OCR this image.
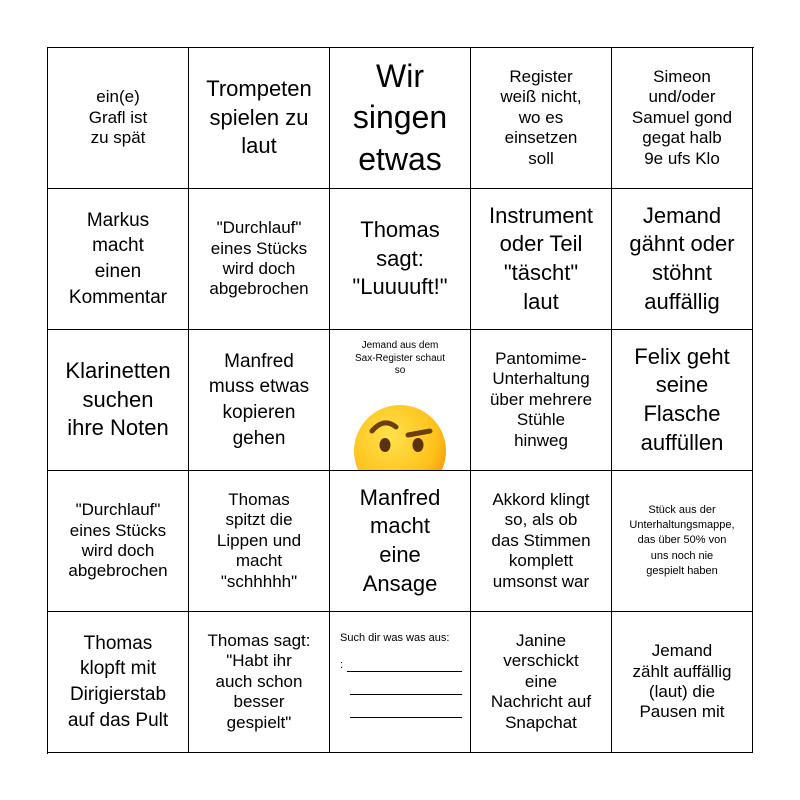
ein(e)
Grafl ist
zu spät
Trompeten
spielen zu
laut
Wir
singen
etwas
Register
weiß nicht,
wo es
einsetzen
soll
Simeon
und/oder
Samuel gond
gegat halb
9e ufs Klo
Markus
macht
einen
Kommentar
"Durchlauf"
eines Stücks
wird doch
abgebrochen
Thomas
sagt:
"Luuuuft!"
Instrument
oder Teil
"täscht"
laut
Jemand
gähnt oder
stöhnt
auffällig
Klarinetten
suchen
ihre Noten
Manfred
muss etwas
kopieren
gehen
Jemand aus dem
Sax-Register schaut
so

Pantomime-
Unterhaltung
über mehrere
Stühle
hinweg
Felix geht
seine
Flasche
auffüllen
"Durchlauf"
eines Stücks
wird doch
abgebrochen
Thomas
spitzt die
Lippen und
macht
"schhhhh"
Manfred
macht
eine
Ansage
Akkord klingt
so, als ob
das Stimmen
komplett
umsonst war
Stück aus der
Unterhaltungsmappe,
das über 50% von
uns noch nie
gespielt haben
Thomas
klopft mit
Dirigierstab
auf das Pult
Thomas sagt:
"Habt ihr
auch schon
besser
gespielt"
Such dir was was aus:
:
Janine
verschickt
eine
Nachricht auf
Snapchat
Jemand
zählt auffällig
(laut) die
Pausen mit
